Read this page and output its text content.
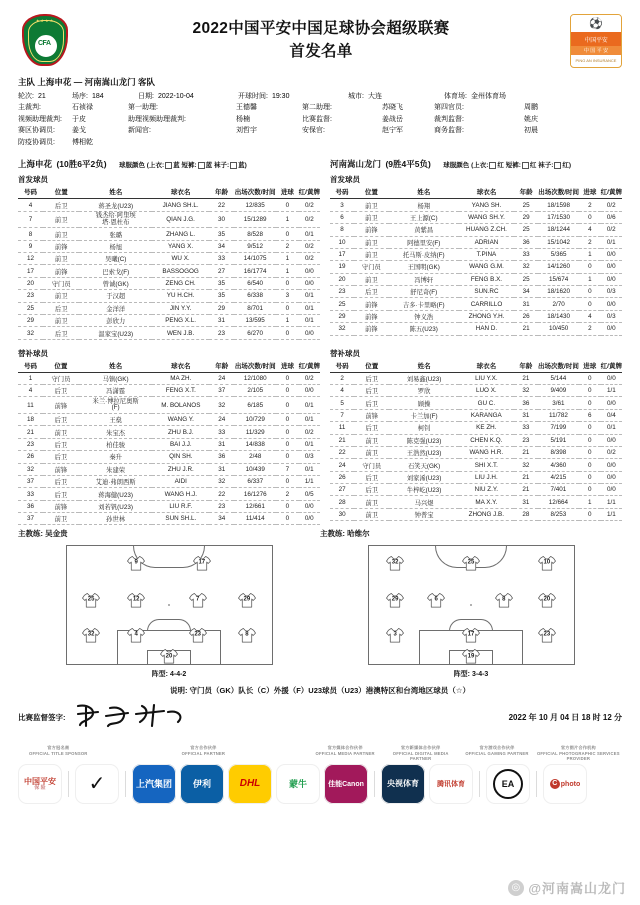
★★★★
CFA
2022中国平安中国足球协会超级联赛
首发名单
⚽
中国平安
中 国 平 安
PING AN INSURANCE
主队 上海申花 — 河南嵩山龙门 客队
轮次: 21	场序: 184	日期: 2022-10-04	开球时间: 19:30	城市: 大连	体育场: 金州体育场
主裁判:	石祯禄	第一助理:	王德馨	第二助理:	苏晓飞	第四官员:	周鹏
视频助理裁判:	于皮	助理视频助理裁判:	杨楠	比赛监督:	姜战岳	裁判监督:	姚庆
赛区协调员:	姜戈	新闻官:	刘哲宇	安保官:	赵宁军	商务监督:	初晨
防疫协调员:	傅相乾
上海申花 (10胜6平2负) 球服颜色 (上衣: 蓝 短裤: 蓝 袜子: 蓝)
首发球员
河南嵩山龙门 (9胜4平5负) 球服颜色 (上衣: 红 短裤: 红 袜子: 红)
首发球员
号码	位置	姓名	球衣名	年龄	出场次数/时间	进球	红/黄牌
4	后卫	蒋圣龙(U23)	JIANG SH.L.	22	12/835	0	0/2
7	前卫	钱杰给·阿里埃
塔·恩杜布	QIAN J.G.	30	15/1289	1	0/2
8	前卫	张璐	ZHANG L.	35	8/528	0	0/1
9	前锋	杨旭	YANG X.	34	9/512	2	0/2
12	前卫	吴曦(C)	WU X.	33	14/1075	1	0/2
17	前锋	巴索戈(F)	BASSOGOG	27	16/1774	1	0/0
20	守门员	曾诚(GK)	ZENG CH.	35	6/540	0	0/0
23	前卫	于汉超	YU H.CH.	35	6/338	3	0/1
25	后卫	金洋洋	JIN Y.Y.	29	8/701	0	0/1
29	前卫	彭欣力	PENG X.L.	31	13/595	1	0/1
32	后卫	温家宝(U23)	WEN J.B.	23	6/270	0	0/0
号码	位置	姓名	球衣名	年龄	出场次数/时间	进球	红/黄牌
3	前卫	杨翔	YANG SH.	25	18/1598	2	0/2
6	前卫	王上源(C)	WANG SH.Y.	29	17/1530	0	0/6
8	前锋	黄紫昌	HUANG Z.CH.	25	18/1244	4	0/2
10	前卫	阿德里安(F)	ADRIAN	36	15/1042	2	0/1
17	前卫	托马斯·皮纳(F)	T.PINA	33	5/365	1	0/0
19	守门员	王国明(GK)	WANG G.M.	32	14/1260	0	0/0
20	前卫	冯博轩	FENG B.X.	25	15/674	1	0/0
23	后卫	舒尼奇(F)	SUN.RC	34	18/1620	0	0/3
25	前锋	吉多·卡里略(F)	CARRILLO	31	2/70	0	0/0
29	前锋	钟义浩	ZHONG Y.H.	26	18/1430	4	0/3
32	前锋	陈五(U23)	HAN D.	21	10/450	2	0/0
替补球员	替补球员
号码	位置	姓名	球衣名	年龄	出场次数/时间	进球	红/黄牌
1	守门员	马镇(GK)	MA ZH.	24	12/1080	0	0/2
4	后卫	冯潇霆	FENG X.T.	37	2/105	0	0/0
11	前锋	米兰·博拉尼奥斯
(F)	M. BOLANOS	32	6/185	0	0/1
18	后卫	王燊	WANG Y.	24	10/729	0	0/1
21	前卫	朱宝杰	ZHU B.J.	33	11/329	0	0/2
23	后卫	柏佳骏	BAI J.J.	31	14/838	0	0/1
26	后卫	秦升	QIN SH.	36	2/48	0	0/3
32	前锋	朱建荣	ZHU J.R.	31	10/439	7	0/1
37	后卫	艾迪·弗朗西斯	AIDI	32	6/337	0	1/1
33	后卫	蒋海健(U23)	WANG H.J.	22	16/1276	2	0/5
36	前锋	刘若钒(U23)	LIU R.F.	23	12/661	0	0/0
37	前卫	孙世林	SUN SH.L.	34	11/414	0	0/0
号码	位置	姓名	球衣名	年龄	出场次数/时间	进球	红/黄牌
2	后卫	刘易鑫(U23)	LIU Y.X.	21	5/144	0	0/0
4	后卫	罗欣	LUO X.	32	9/409	0	1/1
5	后卫	顾操	GU C.	36	3/61	0	0/0
7	前锋	卡兰加(F)	KARANGA	31	11/782	6	0/4
11	后卫	柯钊	KE ZH.	33	7/199	0	0/1
21	前卫	陈克强(U23)	CHEN K.Q.	23	5/191	0	0/0
22	前卫	王浩然(U23)	WANG H.R.	21	8/398	0	0/2
24	守门员	石笑天(GK)	SHI X.T.	32	4/360	0	0/0
26	后卫	刘家浠(U23)	LIU J.H.	21	4/215	0	0/0
27	后卫	牛梓屹(U23)	NIU Z.Y.	21	7/401	0	0/0
28	前卫	马兴煜	MA X.Y.	31	12/664	1	1/1
30	前卫	钟普宝	ZHONG J.B.	28	8/253	0	1/1
主教练: 吴金贵	主教练: 哈维尔
9	17
25	12	7	29
32	4	23	8
20
阵型: 4-4-2
32	25	10
29	6	8	20
3	17	23
19
阵型: 3-4-3
说明: 守门员（GK）队长（C）外援（F）U23球员（U23）港澳特区和台湾地区球员（☆）
比赛监督签字:	2022 年 10 月 04 日 18 时 12 分
官方冠名商
OFFICIAL TITLE SPONSOR
官方合作伙伴
OFFICIAL PARTNER
官方媒体合作伙伴
OFFICIAL MEDIA PARTNER
官方新媒体合作伙伴
OFFICIAL DIGITAL MEDIA PARTNER
官方游戏合作伙伴
OFFICIAL GAMING PARTNER
官方图片合作机构
OFFICIAL PHOTOGRAPHIC SERVICES PROVIDER
中国平安
保 险	✓	上汽集团 伊利	DHL	蒙牛	佳能 Canon	央视体育	腾讯体育	EA	C photo
◎ @河南嵩山龙门
